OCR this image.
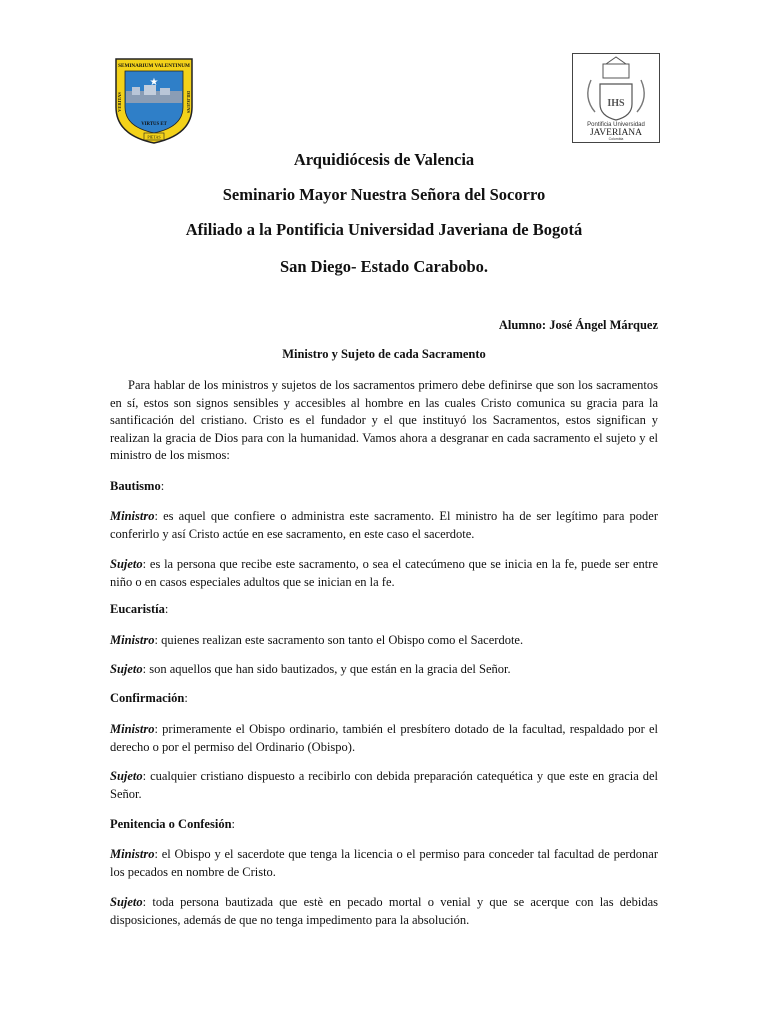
★
SEMINARIUM VALENTINUM
VERITAS	DILIGENS
VIRTUS ET
PIETAS
IHS
Pontificia Universidad
JAVERIANA
Colombia

Arquidiócesis de Valencia

Seminario Mayor Nuestra Señora del Socorro

Afiliado a la Pontificia Universidad Javeriana de Bogotá

San Diego- Estado Carabobo.

Alumno: José Ángel Márquez

Ministro y Sujeto de cada Sacramento

Para hablar de los ministros y sujetos de los sacramentos primero debe definirse que son los sacramentos en sí, estos son signos sensibles y accesibles al hombre en las cuales Cristo comunica su gracia para la santificación del cristiano. Cristo es el fundador y el que instituyó los Sacramentos, estos significan y realizan la gracia de Dios para con la humanidad. Vamos ahora a desgranar en cada sacramento el sujeto y el ministro de los mismos:

Bautismo:

Ministro: es aquel que confiere o administra este sacramento. El ministro ha de ser legítimo para poder conferirlo y así Cristo actúe en ese sacramento, en este caso el sacerdote.

Sujeto: es la persona que recibe este sacramento, o sea el catecúmeno que se inicia en la fe, puede ser entre niño o en casos especiales adultos que se inician en la fe.

Eucaristía:

Ministro: quienes realizan este sacramento son tanto el Obispo como el Sacerdote.

Sujeto: son aquellos que han sido bautizados, y que están en la gracia del Señor.

Confirmación:

Ministro: primeramente el Obispo ordinario, también el presbítero dotado de la facultad, respaldado por el derecho o por el permiso del Ordinario (Obispo).

Sujeto: cualquier cristiano dispuesto a recibirlo con debida preparación catequética y que este en gracia del Señor.

Penitencia o Confesión:

Ministro: el Obispo y el sacerdote que tenga la licencia o el permiso para conceder tal facultad de perdonar los pecados en nombre de Cristo.

Sujeto: toda persona bautizada que estè en pecado mortal o venial y que se acerque con las debidas disposiciones, además de que no tenga impedimento para la absolución.
